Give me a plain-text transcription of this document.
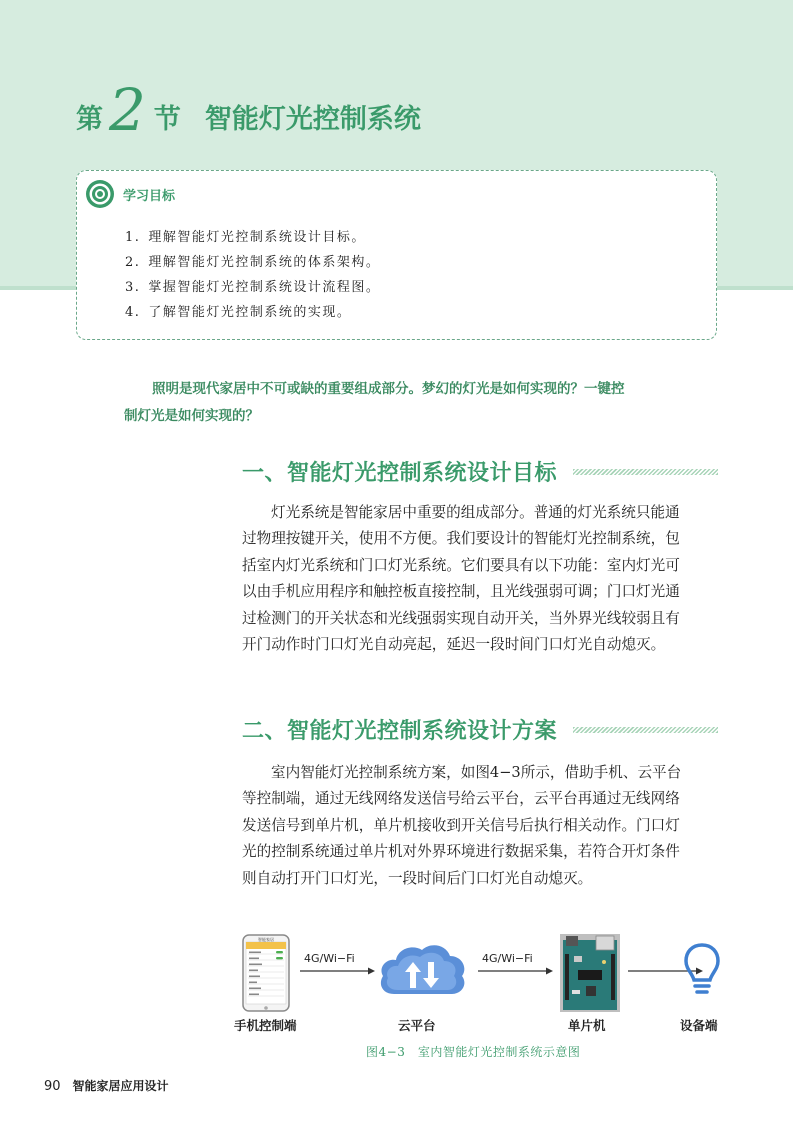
第 2 节 智能灯光控制系统
学习目标
1. 理解智能灯光控制系统设计目标。
2. 理解智能灯光控制系统的体系架构。
3. 掌握智能灯光控制系统设计流程图。
4. 了解智能灯光控制系统的实现。
照明是现代家居中不可或缺的重要组成部分。梦幻的灯光是如何实现的？一键控
制灯光是如何实现的？
一、智能灯光控制系统设计目标
灯光系统是智能家居中重要的组成部分。普通的灯光系统只能通
过物理按键开关，使用不方便。我们要设计的智能灯光控制系统，包
括室内灯光系统和门口灯光系统。它们要具有以下功能：室内灯光可
以由手机应用程序和触控板直接控制，且光线强弱可调；门口灯光通
过检测门的开关状态和光线强弱实现自动开关，当外界光线较弱且有
开门动作时门口灯光自动亮起，延迟一段时间门口灯光自动熄灭。
二、智能灯光控制系统设计方案
室内智能灯光控制系统方案，如图4−3所示，借助手机、云平台
等控制端，通过无线网络发送信号给云平台，云平台再通过无线网络
发送信号到单片机，单片机接收到开关信号后执行相关动作。门口灯
光的控制系统通过单片机对外界环境进行数据采集，若符合开灯条件
则自动打开门口灯光，一段时间后门口灯光自动熄灭。
4G/Wi−Fi	4G/Wi−Fi
手机控制端	云平台	单片机	设备端
图4−3　室内智能灯光控制系统示意图
90 智能家居应用设计
智能家居
